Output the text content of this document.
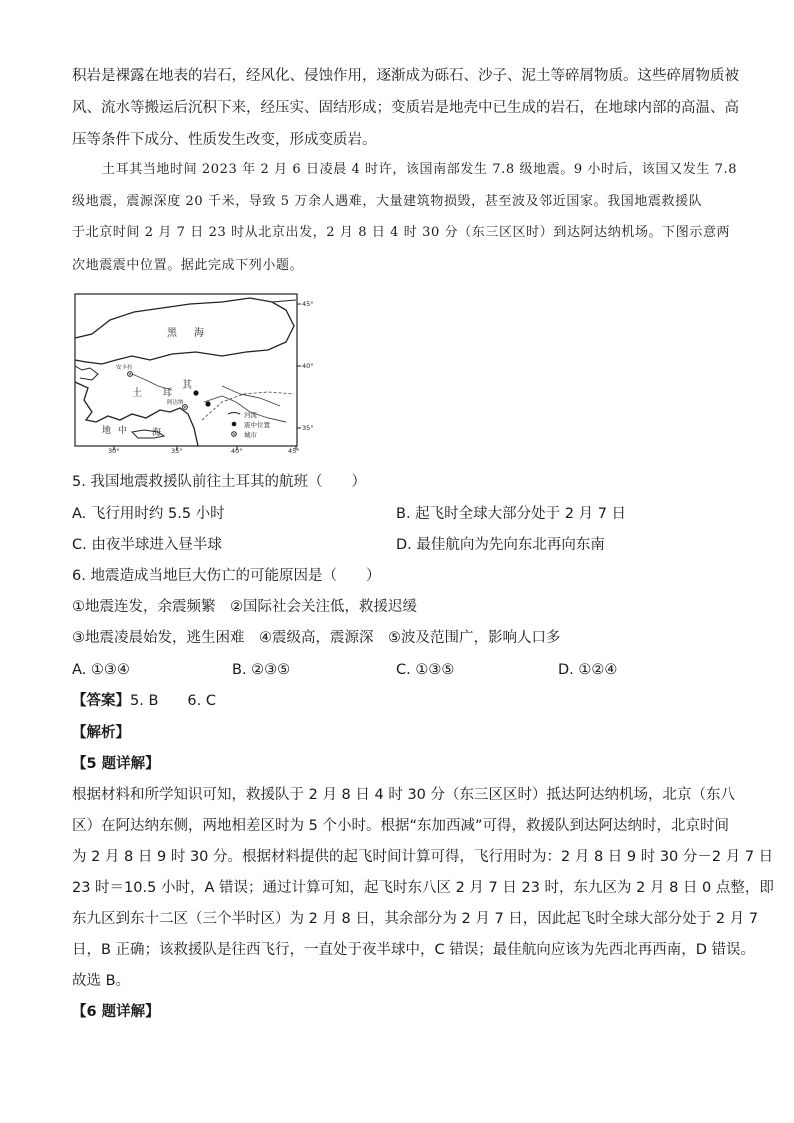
积岩是裸露在地表的岩石，经风化、侵蚀作用，逐渐成为砾石、沙子、泥土等碎屑物质。这些碎屑物质被
风、流水等搬运后沉积下来，经压实、固结形成；变质岩是地壳中已生成的岩石，在地球内部的高温、高
压等条件下成分、性质发生改变，形成变质岩。
土耳其当地时间 2023 年 2 月 6 日凌晨 4 时许，该国南部发生 7.8 级地震。9 小时后，该国又发生 7.8
级地震，震源深度 20 千米，导致 5 万余人遇难，大量建筑物损毁，甚至波及邻近国家。我国地震救援队
于北京时间 2 月 7 日 23 时从北京出发，2 月 8 日 4 时 30 分（东三区区时）到达阿达纳机场。下图示意两
次地震震中位置。据此完成下列小题。
黑 海
安卡拉
土 耳
其
阿达纳
地 中	海
河流
震中位置
城市
45°
40°
35°
30°	35°	40°	45°
5. 我国地震救援队前往土耳其的航班（　　）
A. 飞行用时约 5.5 小时	B. 起飞时全球大部分处于 2 月 7 日
C. 由夜半球进入昼半球	D. 最佳航向为先向东北再向东南
6. 地震造成当地巨大伤亡的可能原因是（　　）
①地震连发，余震频繁　②国际社会关注低，救援迟缓
③地震凌晨始发，逃生困难　④震级高，震源深　⑤波及范围广，影响人口多
A. ①③④	B. ②③⑤	C. ①③⑤	D. ①②④
【答案】5. B　　6. C
【解析】
【5 题详解】
根据材料和所学知识可知，救援队于 2 月 8 日 4 时 30 分（东三区区时）抵达阿达纳机场，北京（东八
区）在阿达纳东侧，两地相差区时为 5 个小时。根据“东加西减”可得，救援队到达阿达纳时，北京时间
为 2 月 8 日 9 时 30 分。根据材料提供的起飞时间计算可得，飞行用时为：2 月 8 日 9 时 30 分－2 月 7 日
23 时＝10.5 小时，A 错误；通过计算可知，起飞时东八区 2 月 7 日 23 时，东九区为 2 月 8 日 0 点整，即
东九区到东十二区（三个半时区）为 2 月 8 日，其余部分为 2 月 7 日，因此起飞时全球大部分处于 2 月 7
日，B 正确；该救援队是往西飞行，一直处于夜半球中，C 错误；最佳航向应该为先西北再西南，D 错误。
故选 B。
【6 题详解】
